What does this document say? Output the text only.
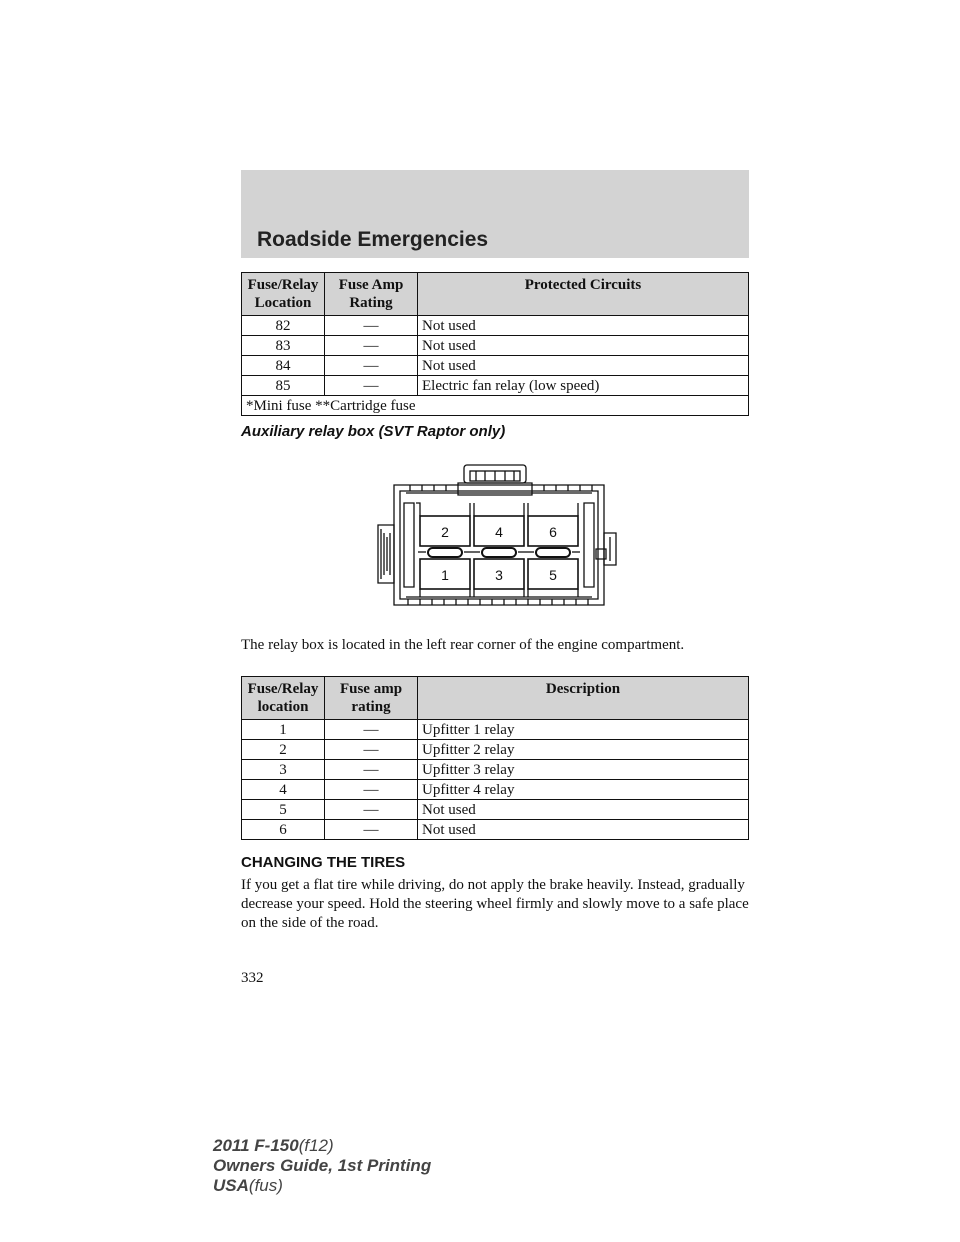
Roadside Emergencies
Fuse/Relay Location	Fuse Amp Rating	Protected Circuits
82	—	Not used
83	—	Not used
84	—	Not used
85	—	Electric fan relay (low speed)
*Mini fuse **Cartridge fuse		
Auxiliary relay box (SVT Raptor only)
2	4	6
1	3	5

The relay box is located in the left rear corner of the engine compartment.

Fuse/Relay location	Fuse amp rating	Description
1	—	Upfitter 1 relay
2	—	Upfitter 2 relay
3	—	Upfitter 3 relay
4	—	Upfitter 4 relay
5	—	Not used
6	—	Not used
CHANGING THE TIRES

If you get a flat tire while driving, do not apply the brake heavily. Instead, gradually decrease your speed. Hold the steering wheel firmly and slowly move to a safe place on the side of the road.

332
2011 F-150(f12)
Owners Guide, 1st Printing
USA(fus)
